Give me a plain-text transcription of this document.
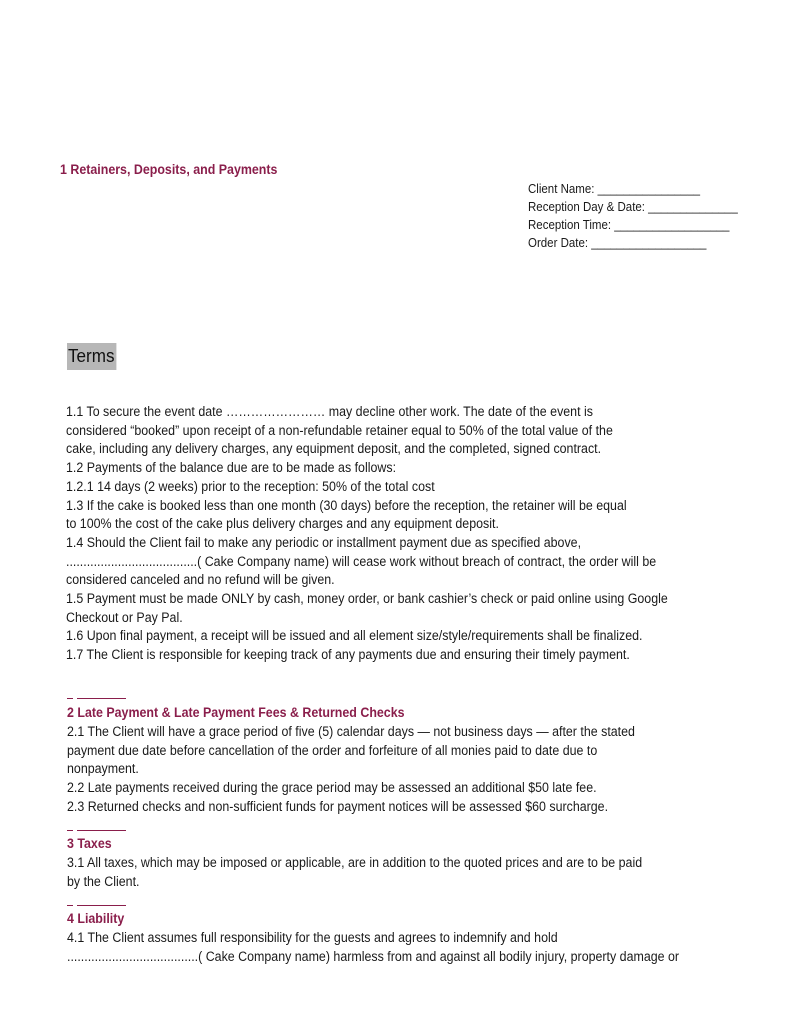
1 Retainers, Deposits, and Payments
Client Name: ________________
Reception Day & Date: ______________
Reception Time: __________________
Order Date: __________________
Terms
1.1 To secure the event date …………………… may decline other work. The date of the event is
considered “booked” upon receipt of a non-refundable retainer equal to 50% of the total value of the
cake, including any delivery charges, any equipment deposit, and the completed, signed contract.
1.2 Payments of the balance due are to be made as follows:
1.2.1 14 days (2 weeks) prior to the reception: 50% of the total cost
1.3 If the cake is booked less than one month (30 days) before the reception, the retainer will be equal
to 100% the cost of the cake plus delivery charges and any equipment deposit.
1.4 Should the Client fail to make any periodic or installment payment due as specified above,
......................................( Cake Company name) will cease work without breach of contract, the order will be
considered canceled and no refund will be given.
1.5 Payment must be made ONLY by cash, money order, or bank cashier’s check or paid online using Google
Checkout or Pay Pal.
1.6 Upon final payment, a receipt will be issued and all element size/style/requirements shall be finalized.
1.7 The Client is responsible for keeping track of any payments due and ensuring their timely payment.
2 Late Payment & Late Payment Fees & Returned Checks
2.1 The Client will have a grace period of five (5) calendar days — not business days — after the stated
payment due date before cancellation of the order and forfeiture of all monies paid to date due to
nonpayment.
2.2 Late payments received during the grace period may be assessed an additional $50 late fee.
2.3 Returned checks and non-sufficient funds for payment notices will be assessed $60 surcharge.
3 Taxes
3.1 All taxes, which may be imposed or applicable, are in addition to the quoted prices and are to be paid
by the Client.
4 Liability
4.1 The Client assumes full responsibility for the guests and agrees to indemnify and hold
......................................( Cake Company name) harmless from and against all bodily injury, property damage or
